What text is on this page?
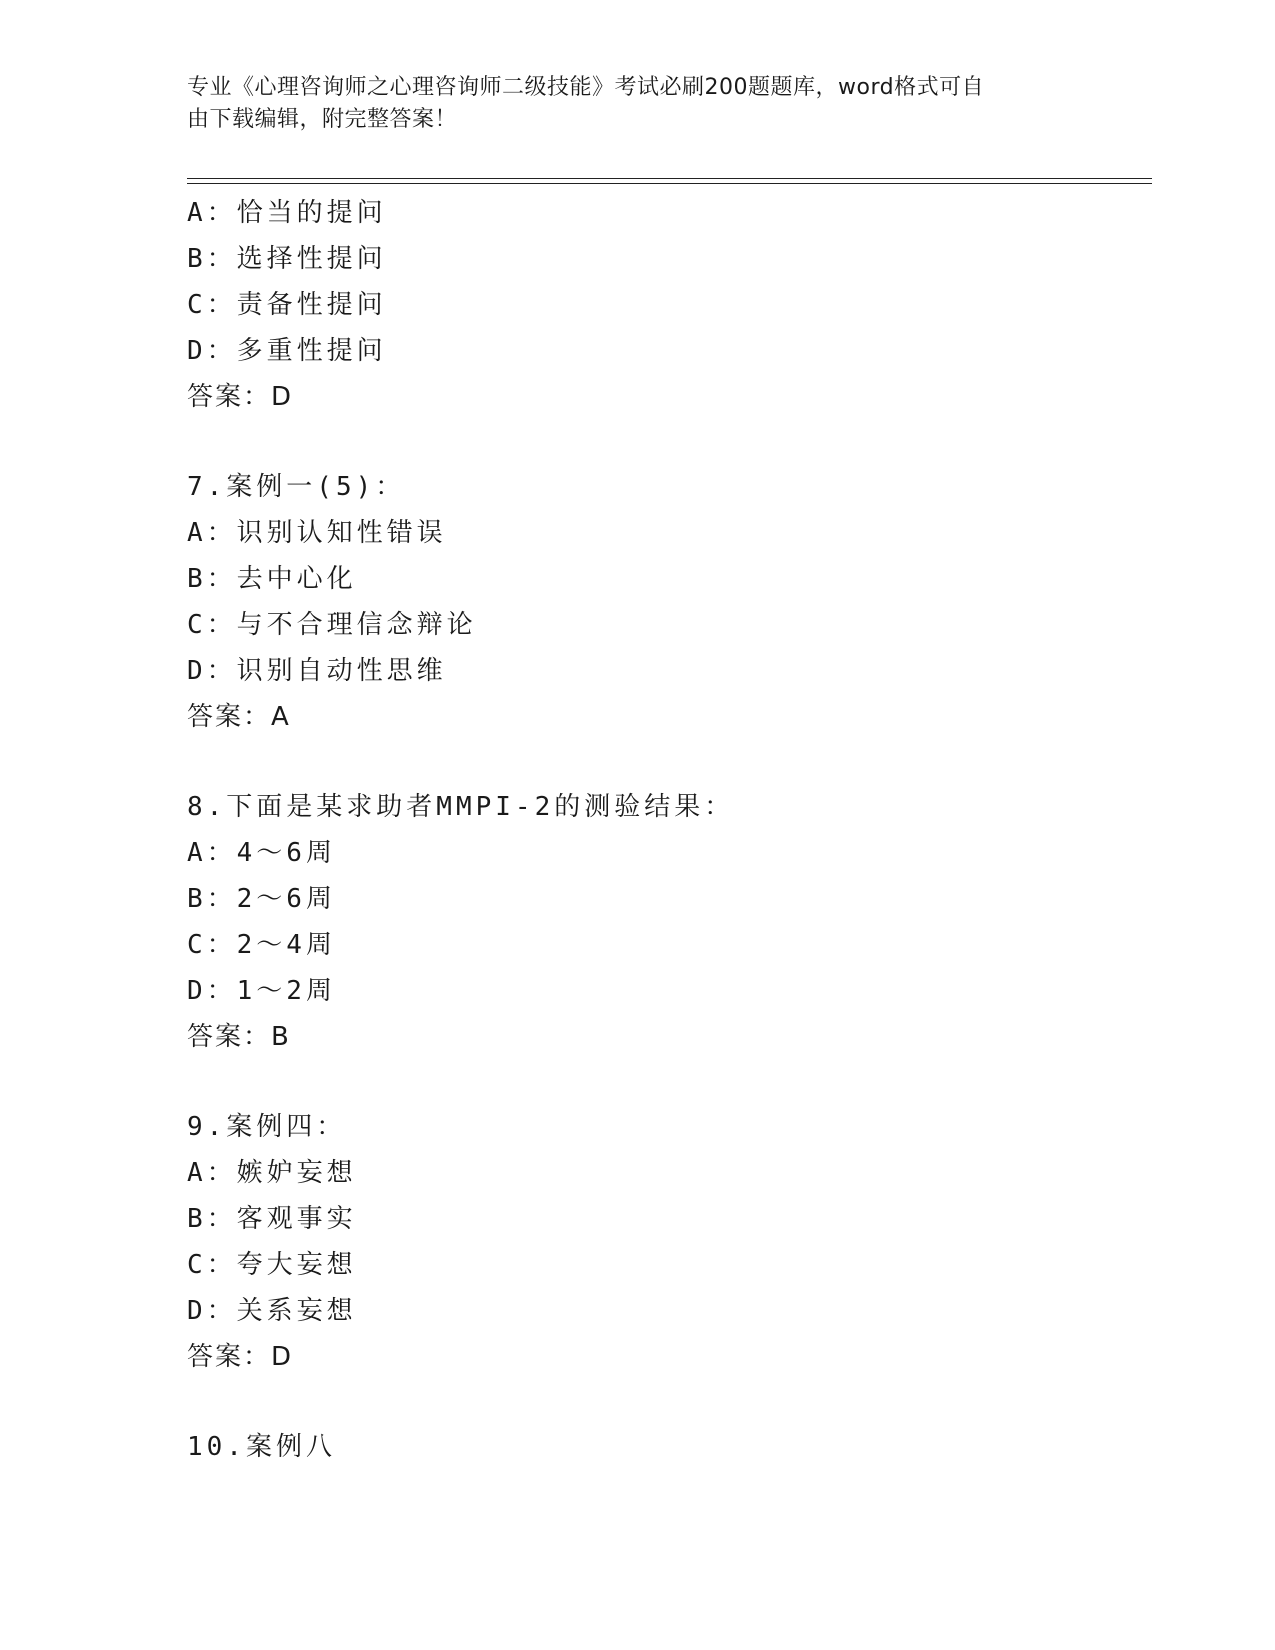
专业《心理咨询师之心理咨询师二级技能》考试必刷200题题库，word格式可自
由下载编辑，附完整答案！
A：恰当的提问
B：选择性提问
C：责备性提问
D：多重性提问
答案：D
7.案例一(5)：
A：识别认知性错误
B：去中心化
C：与不合理信念辩论
D：识别自动性思维
答案：A
8.下面是某求助者MMPI-2的测验结果：
A：4～6周
B：2～6周
C：2～4周
D：1～2周
答案：B
9.案例四：
A：嫉妒妄想
B：客观事实
C：夸大妄想
D：关系妄想
答案：D
10.案例八
